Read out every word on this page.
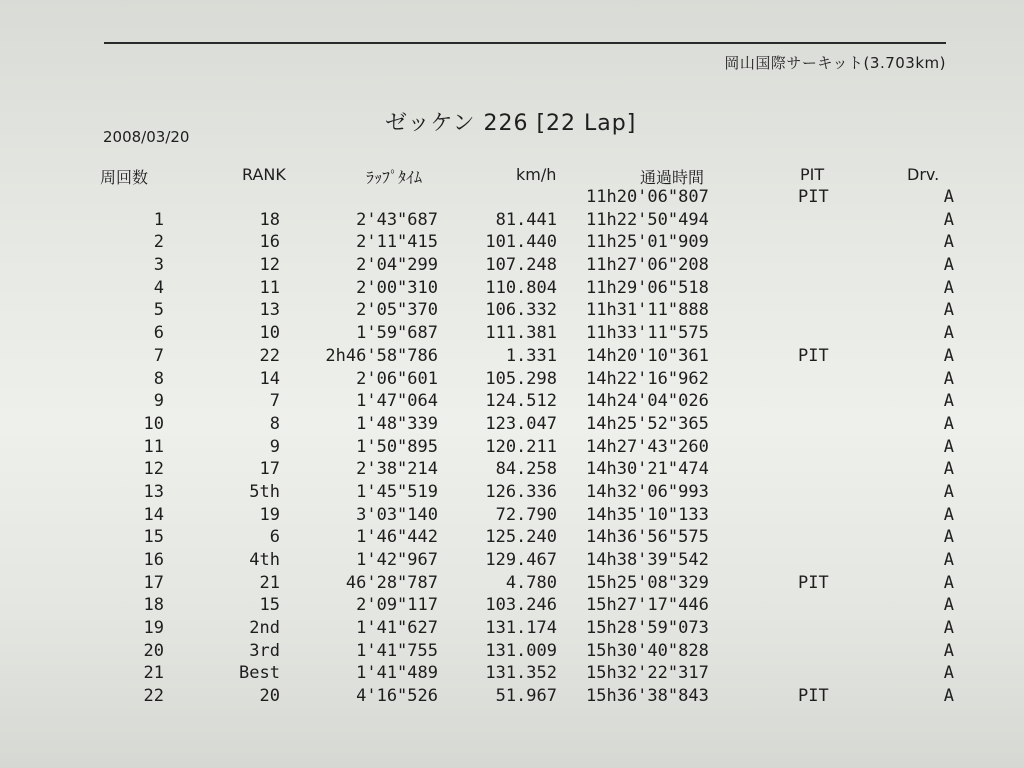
岡山国際サーキット(3.703km)
ゼッケン 226 [22 Lap]
2008/03/20
周回数	RANK	ﾗｯﾌﾟﾀｲﾑ	km/h	通過時間	PIT	Drv.
11h20'06"807	PIT	A
1	18	2'43"687	81.441 11h22'50"494	A
2	16	2'11"415	101.440 11h25'01"909	A
3	12	2'04"299	107.248 11h27'06"208	A
4	11	2'00"310	110.804 11h29'06"518	A
5	13	2'05"370	106.332 11h31'11"888	A
6	10	1'59"687	111.381 11h33'11"575	A
7	22	2h46'58"786	1.331 14h20'10"361	PIT	A
8	14	2'06"601	105.298 14h22'16"962	A
9	7	1'47"064	124.512 14h24'04"026	A
10	8	1'48"339	123.047 14h25'52"365	A
11	9	1'50"895	120.211 14h27'43"260	A
12	17	2'38"214	84.258 14h30'21"474	A
13	5th	1'45"519	126.336 14h32'06"993	A
14	19	3'03"140	72.790 14h35'10"133	A
15	6	1'46"442	125.240 14h36'56"575	A
16	4th	1'42"967	129.467 14h38'39"542	A
17	21	46'28"787	4.780 15h25'08"329	PIT	A
18	15	2'09"117	103.246 15h27'17"446	A
19	2nd	1'41"627	131.174 15h28'59"073	A
20	3rd	1'41"755	131.009 15h30'40"828	A
21	Best	1'41"489	131.352 15h32'22"317	A
22	20	4'16"526	51.967 15h36'38"843	PIT	A
